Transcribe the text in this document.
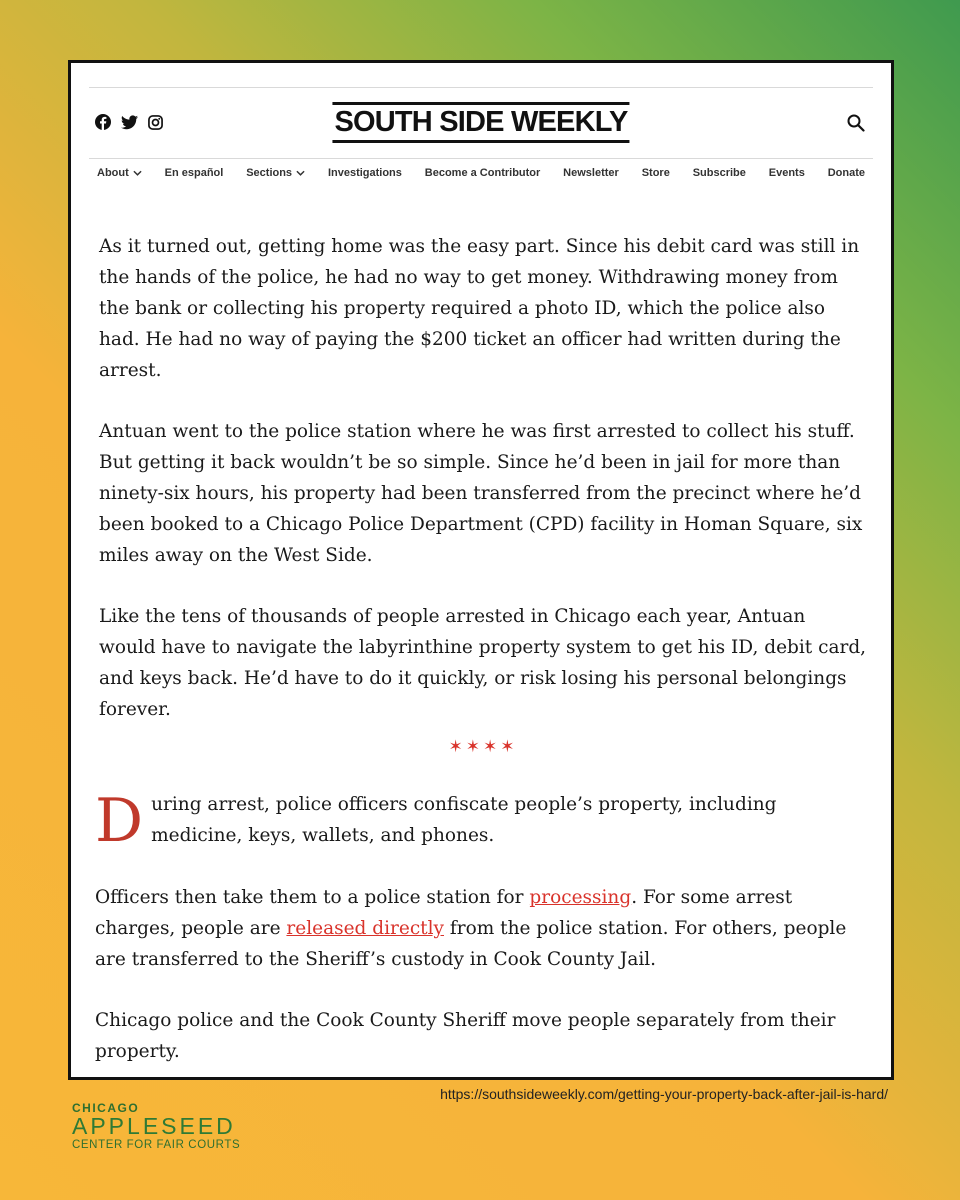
SOUTH SIDE WEEKLY
About	En español Sections	Investigations Become a Contributor Newsletter Store Subscribe Events Donate

As it turned out, getting home was the easy part. Since his debit card was still in the hands of the police, he had no way to get money. Withdrawing money from the bank or collecting his property required a photo ID, which the police also had. He had no way of paying the $200 ticket an officer had written during the arrest.

Antuan went to the police station where he was first arrested to collect his stuff. But getting it back wouldn’t be so simple. Since he’d been in jail for more than ninety-six hours, his property had been transferred from the precinct where he’d been booked to a Chicago Police Department (CPD) facility in Homan Square, six miles away on the West Side.

Like the tens of thousands of people arrested in Chicago each year, Antuan would have to navigate the labyrinthine property system to get his ID, debit card, and keys back. He’d have to do it quickly, or risk losing his personal belongings forever.

✶✶✶✶

D uring arrest, police officers confiscate people’s property, including medicine, keys, wallets, and phones.

Officers then take them to a police station for processing. For some arrest charges, people are released directly from the police station. For others, people are transferred to the Sheriff’s custody in Cook County Jail.

Chicago police and the Cook County Sheriff move people separately from their property.

https://southsideweekly.com/getting-your-property-back-after-jail-is-hard/
CHICAGO
APPLESEED
CENTER FOR FAIR COURTS
